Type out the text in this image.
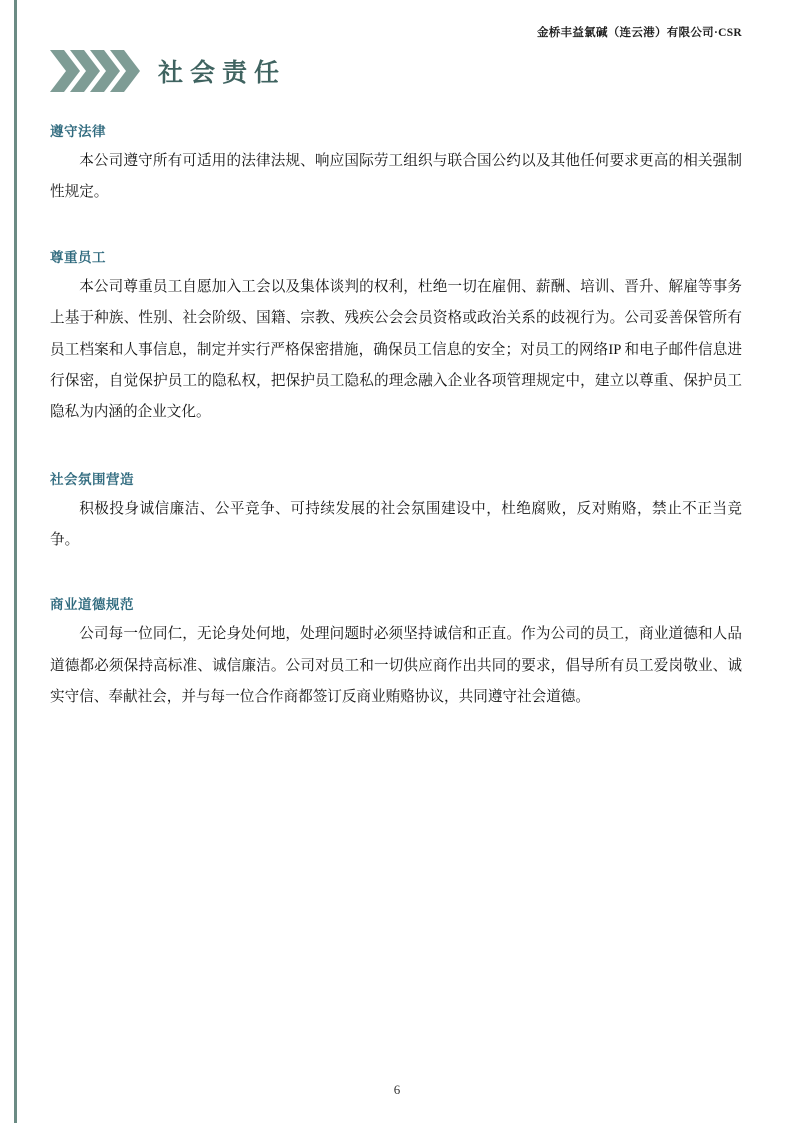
金桥丰益氯碱（连云港）有限公司·CSR
社会责任
遵守法律

本公司遵守所有可适用的法律法规、响应国际劳工组织与联合国公约以及其他任何要求更高的相关强制性规定。

尊重员工

本公司尊重员工自愿加入工会以及集体谈判的权利，杜绝一切在雇佣、薪酬、培训、晋升、解雇等事务上基于种族、性别、社会阶级、国籍、宗教、残疾公会会员资格或政治关系的歧视行为。公司妥善保管所有员工档案和人事信息，制定并实行严格保密措施，确保员工信息的安全；对员工的网络IP 和电子邮件信息进行保密，自觉保护员工的隐私权，把保护员工隐私的理念融入企业各项管理规定中，建立以尊重、保护员工隐私为内涵的企业文化。

社会氛围营造

积极投身诚信廉洁、公平竞争、可持续发展的社会氛围建设中，杜绝腐败，反对贿赂，禁止不正当竞争。

商业道德规范

公司每一位同仁，无论身处何地，处理问题时必须坚持诚信和正直。作为公司的员工，商业道德和人品道德都必须保持高标准、诚信廉洁。公司对员工和一切供应商作出共同的要求，倡导所有员工爱岗敬业、诚实守信、奉献社会，并与每一位合作商都签订反商业贿赂协议，共同遵守社会道德。

6
